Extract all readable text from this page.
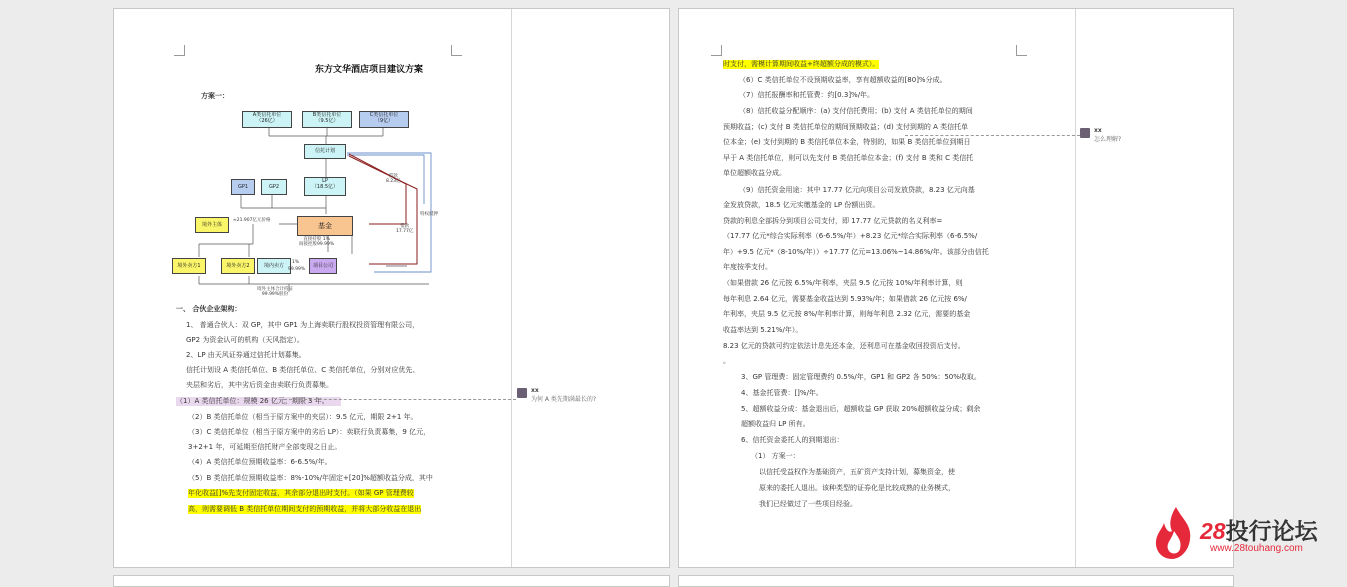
东方文华酒店项目建议方案
方案一：
A类信托单位
（26亿）
B类信托单位
（9.5亿）
C类信托单位
（9亿）
信托计划
GP1	GP2
LP
（18.5亿）
基金
境外主体
境外卖方1	境外卖方2	境内卖方	项目公司
借款
8.23亿
借款
17.77亿
特权抵押
≈21.907亿元价格
直接持股 1%
间接控股99.99%
境外主体合计持证
99.99%股份
1%
99.99%
一、 合伙企业架构：
1、 普通合伙人：双 GP，其中 GP1 为上海卖联行股权投资管理有限公司，
GP2 为资金认可的机构（天风指定）。
2、LP 由天风证券通过信托计划募集。
信托计划设 A 类信托单位、B 类信托单位、C 类信托单位，分别对应优先、
夹层和劣后，其中劣后资金由卖联行负责募集。
（1）A 类信托单位：规模 26 亿元，期限 3 年。
（2）B 类信托单位（相当于原方案中的夹层）：9.5 亿元，期限 2+1 年。
（3）C 类信托单位（相当于原方案中的劣后 LP）：卖联行负责募集，9 亿元，
3+2+1 年，可延期至信托财产全部变现之日止。
（4）A 类信托单位预期收益率：6-6.5%/年。
（5）B 类信托单位预期收益率：8%-10%/年固定+[20]%超额收益分成，其中
年化收益[]%先支付固定收益，其余部分退出时支付。（如果 GP 管理费较
高，则需要调低 B 类信托单位期间支付的预期收益，并将大部分收益在退出
xx
为何 A 类先期满最长的?
时支付，需模计算期间收益+终超额分成的模式）。
（6）C 类信托单位不设预期收益率，享有超额收益的[80]%分成。
（7）信托报酬率和托管费：约[0.3]%/年。
（8）信托收益分配顺序：(a) 支付信托费用；(b) 支付 A 类信托单位的期间
预期收益；(c) 支付 B 类信托单位的期间预期收益；(d) 支付到期的 A 类信托单
位本金；(e) 支付到期的 B 类信托单位本金，特别的，如果 B 类信托单位到期日
早于 A 类信托单位，则可以先支付 B 类信托单位本金；(f) 支付 B 类和 C 类信托
单位超额收益分成。
（9）信托资金用途：其中 17.77 亿元向项目公司发放贷款，8.23 亿元向基
金发放贷款，18.5 亿元实缴基金的 LP 份额出资。
贷款的利息全部拆分到项目公司支付，即 17.77 亿元贷款的名义利率=
（17.77 亿元*综合实际利率（6-6.5%/年）+8.23 亿元*综合实际利率（6-6.5%/
年）+9.5 亿元*（8-10%/年））÷17.77 亿元=13.06%~14.86%/年。该部分由信托
年度按季支付。
（如果借款 26 亿元按 6.5%/年利率，夹层 9.5 亿元按 10%/年利率计算，则
每年利息 2.64 亿元，需要基金收益达到 5.93%/年；如果借款 26 亿元按 6%/
年利率，夹层 9.5 亿元按 8%/年利率计算，则每年利息 2.32 亿元，需要的基金
收益率达到 5.21%/年）。
8.23 亿元的贷款可约定依法计息先还本金，还利息可在基金收回投资后支付。
。
3、GP 管理费：固定管理费约 0.5%/年，GP1 和 GP2 各 50%：50%收取。
4、基金托管费：[]%/年。
5、超额收益分成：基金退出后，超额收益 GP 获取 20%超额收益分成；剩余
超额收益归 LP 所有。
6、信托资金委托人的到期退出：
（1） 方案一：
以信托受益权作为基础资产，五矿资产支持计划，募集资金，使
原来的委托人退出。该种类型的证券化是比较成熟的业务模式，
我们已经做过了一些项目经验。
xx
怎么理解?
28投行论坛
www.28touhang.com
